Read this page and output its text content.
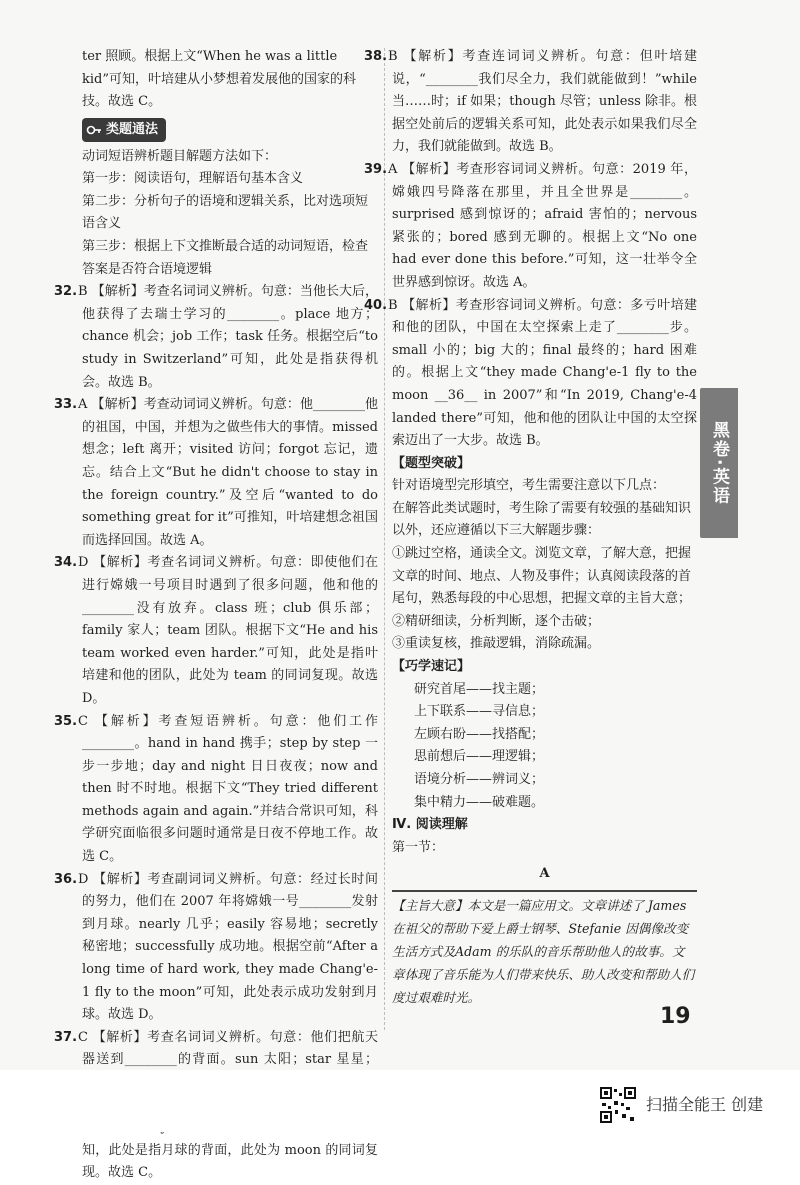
ter 照顾。根据上文“When he was a little kid”可知，叶培建从小梦想着发展他的国家的科技。故选 C。

类题通法

动词短语辨析题目解题方法如下：

第一步：阅读语句，理解语句基本含义

第二步：分析句子的语境和逻辑关系，比对选项短语含义

第三步：根据上下文推断最合适的动词短语，检查答案是否符合语境逻辑

32.B 【解析】考查名词词义辨析。句意：当他长大后，他获得了去瑞士学习的________。place 地方；chance 机会；job 工作；task 任务。根据空后“to study in Switzerland”可知，此处是指获得机会。故选 B。

33.A 【解析】考查动词词义辨析。句意：他________他的祖国，中国，并想为之做些伟大的事情。missed 想念；left 离开；visited 访问；forgot 忘记，遗忘。结合上文“But he didn't choose to stay in the foreign country.”及空后“wanted to do something great for it”可推知，叶培建想念祖国而选择回国。故选 A。

34.D 【解析】考查名词词义辨析。句意：即使他们在进行嫦娥一号项目时遇到了很多问题，他和他的________没有放弃。class 班；club 俱乐部；family 家人；team 团队。根据下文“He and his team worked even harder.”可知，此处是指叶培建和他的团队，此处为 team 的同词复现。故选 D。

35.C 【解析】考查短语辨析。句意：他们工作________。hand in hand 携手；step by step 一步一步地；day and night 日日夜夜；now and then 时不时地。根据下文“They tried different methods again and again.”并结合常识可知，科学研究面临很多问题时通常是日夜不停地工作。故选 C。

36.D 【解析】考查副词词义辨析。句意：经过长时间的努力，他们在 2007 年将嫦娥一号________发射到月球。nearly 几乎；easily 容易地；secretly 秘密地；successfully 成功地。根据空前“After a long time of hard work, they made Chang'e-1 fly to the moon”可知，此处表示成功发射到月球。故选 D。

37.C 【解析】考查名词词义辨析。句意：他们把航天器送到________的背面。sun 太阳；star 星星； 知，此处是指月球的背面，此处为 moon 的同词复现。故选 C。

38.B 【解析】考查连词词义辨析。句意：但叶培建说，“________我们尽全力，我们就能做到！”while 当……时；if 如果；though 尽管；unless 除非。根据空处前后的逻辑关系可知，此处表示如果我们尽全力，我们就能做到。故选 B。

39.A 【解析】考查形容词词义辨析。句意：2019 年，嫦娥四号降落在那里，并且全世界是________。surprised 感到惊讶的；afraid 害怕的；nervous 紧张的；bored 感到无聊的。根据上文“No one had ever done this before.”可知，这一壮举令全世界感到惊讶。故选 A。

40.B 【解析】考查形容词词义辨析。句意：多亏叶培建和他的团队，中国在太空探索上走了________步。small 小的；big 大的；final 最终的；hard 困难的。根据上文“they made Chang'e-1 fly to the moon __36__ in 2007”和“In 2019, Chang'e-4 landed there”可知，他和他的团队让中国的太空探索迈出了一大步。故选 B。

【题型突破】

针对语境型完形填空，考生需要注意以下几点：

在解答此类试题时，考生除了需要有较强的基础知识以外，还应遵循以下三大解题步骤：

①跳过空格，通读全文。浏览文章，了解大意，把握文章的时间、地点、人物及事件；认真阅读段落的首尾句，熟悉每段的中心思想，把握文章的主旨大意；

②精研细读，分析判断，逐个击破；

③重读复核，推敲逻辑，消除疏漏。

【巧学速记】

研究首尾——找主题；

上下联系——寻信息；

左顾右盼——找搭配；

思前想后——理逻辑；

语境分析——辨词义；

集中精力——破难题。

Ⅳ. 阅读理解

第一节：

A

【主旨大意】本文是一篇应用文。文章讲述了 James 在祖父的帮助下爱上爵士钢琴、Stefanie 因偶像改变生活方式及Adam 的乐队的音乐帮助他人的故事。文章体现了音乐能为人们带来快乐、助人改变和帮助人们度过艰难时光。

黑卷·英语
19
扫描全能王 创建
